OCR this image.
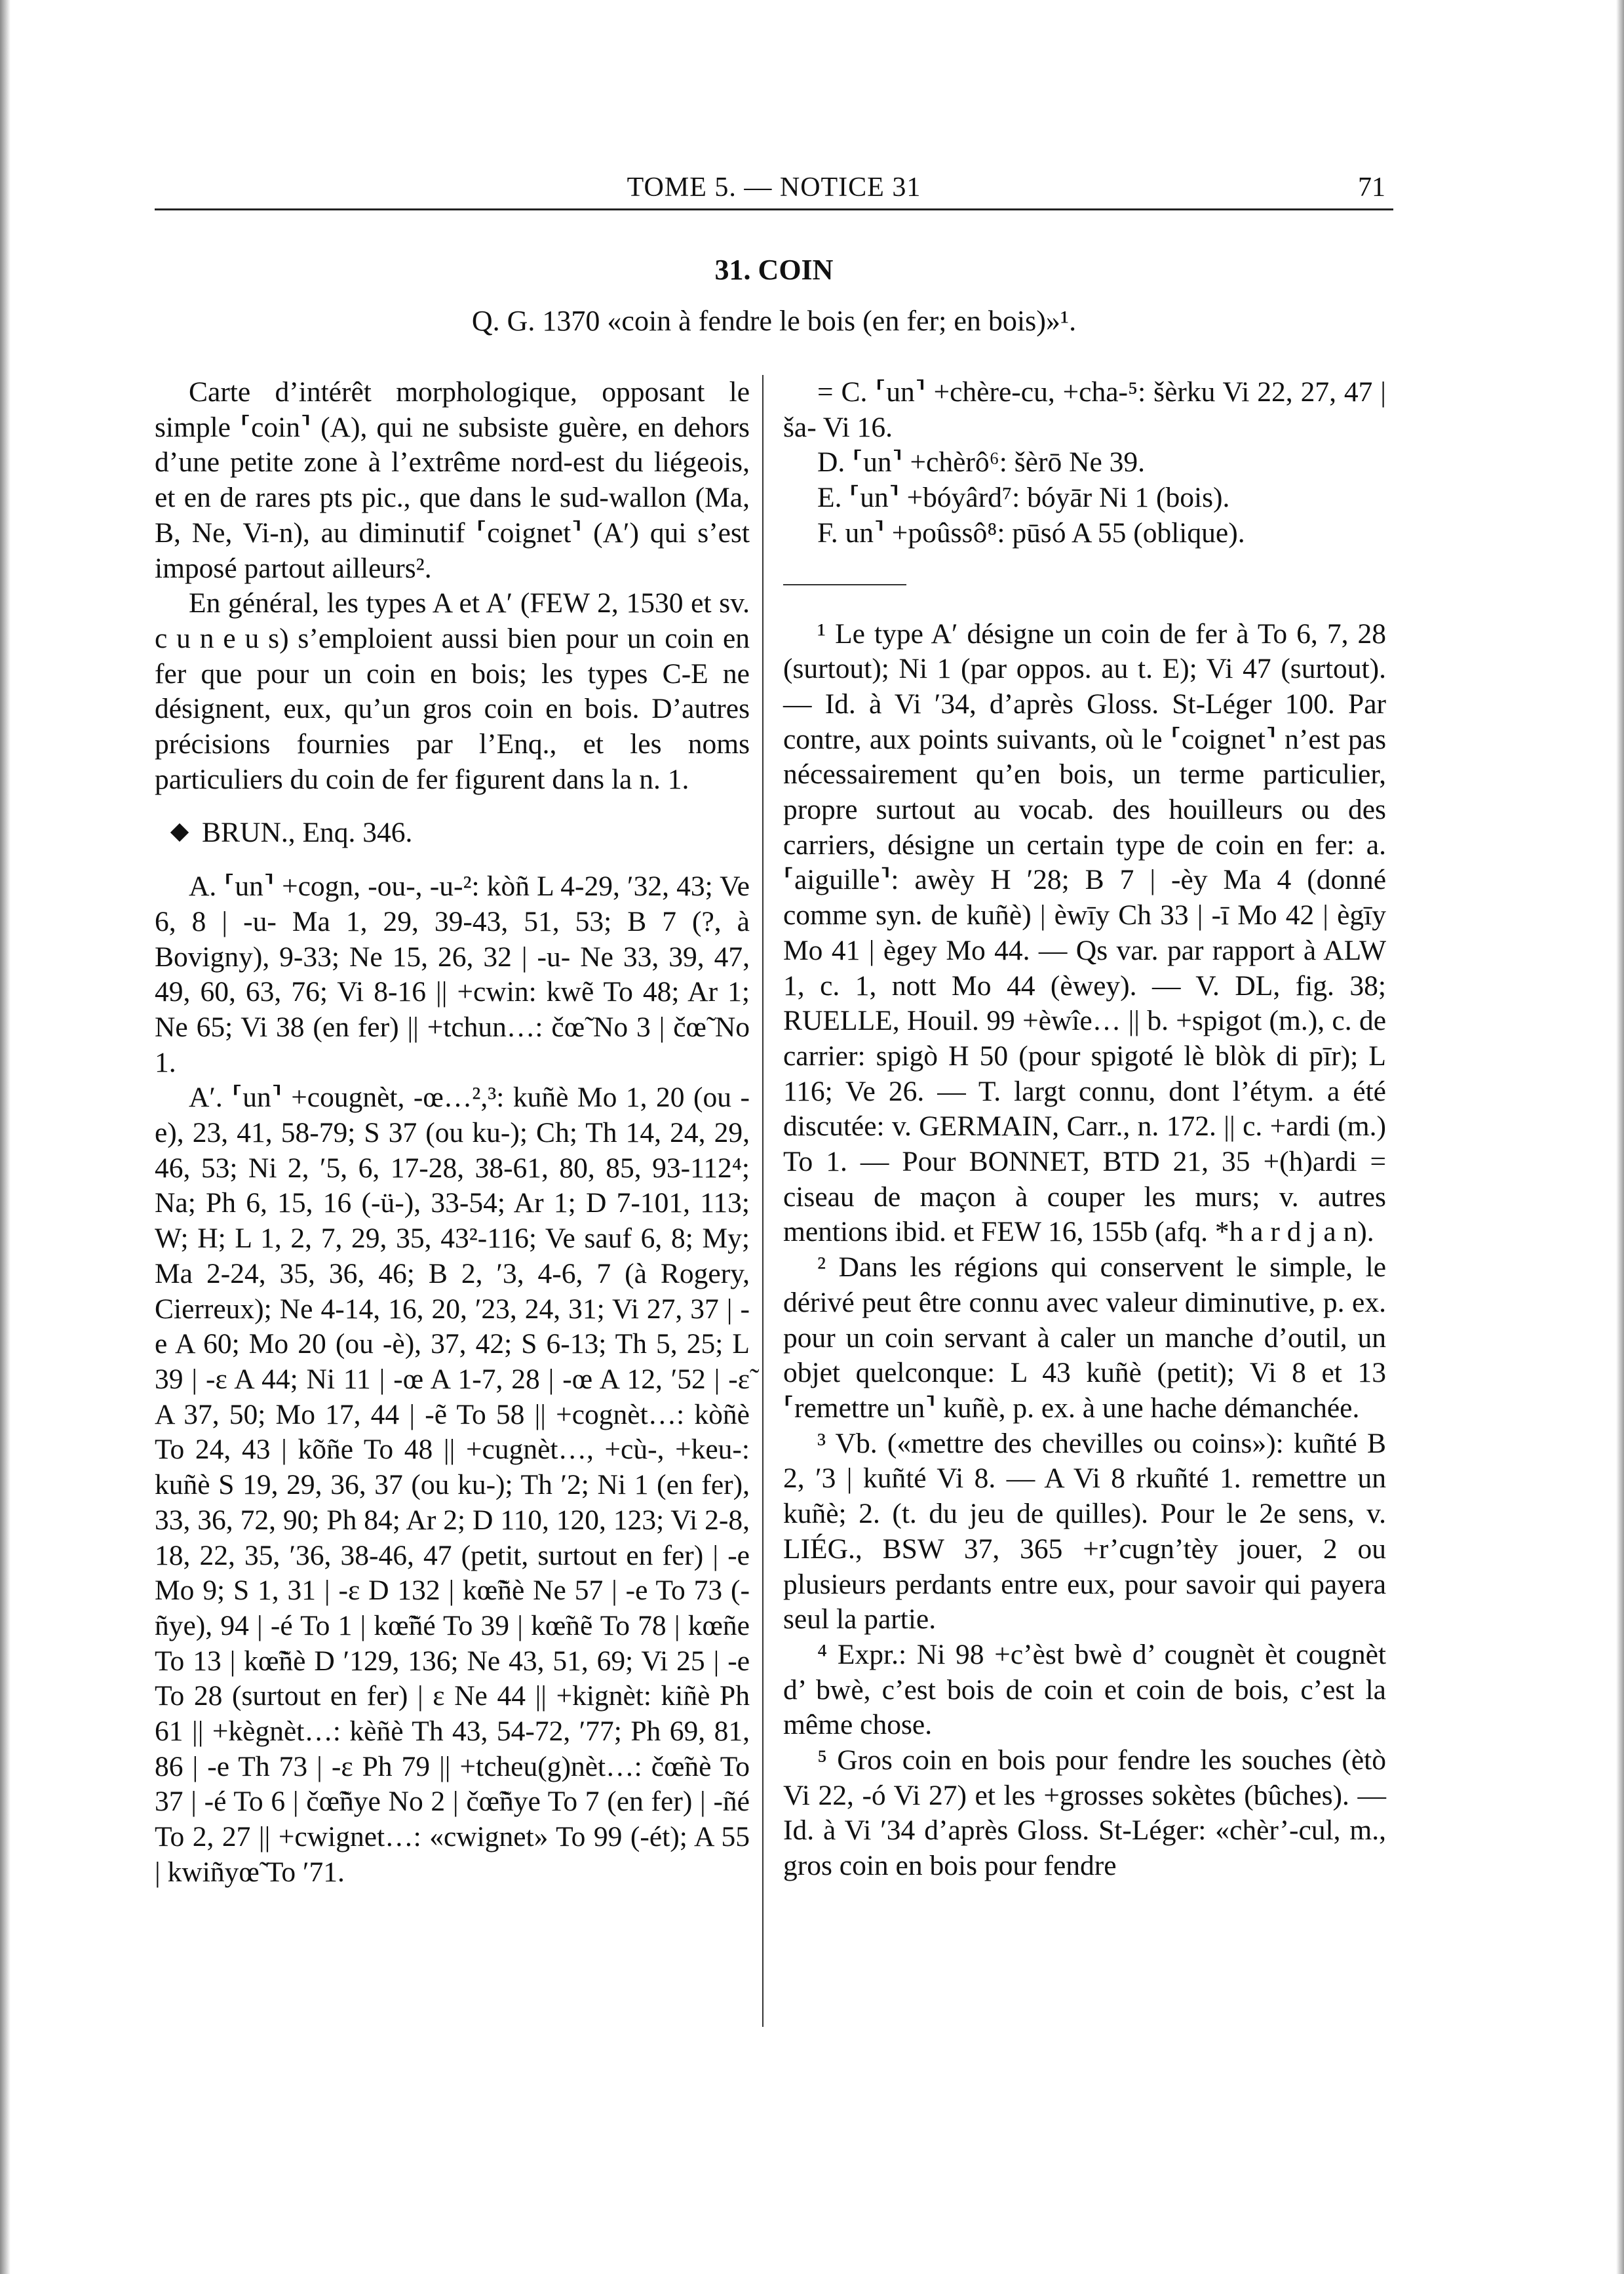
TOME 5. — NOTICE 31	71
31. COIN
Q. G. 1370 «coin à fendre le bois (en fer; en bois)»¹.

Carte d’intérêt morphologique, opposant le simple ⸢coin⸣ (A), qui ne subsiste guère, en dehors d’une petite zone à l’extrême nord-est du liégeois, et en de rares pts pic., que dans le sud-wallon (Ma, B, Ne, Vi-n), au diminutif ⸢coignet⸣ (A′) qui s’est imposé partout ailleurs².

En général, les types A et A′ (FEW 2, 1530 et sv. c u n e u s) s’emploient aussi bien pour un coin en fer que pour un coin en bois; les types C-E ne désignent, eux, qu’un gros coin en bois. D’autres précisions fournies par l’Enq., et les noms particuliers du coin de fer figurent dans la n. 1.

BRUN., Enq. 346.

A. ⸢un⸣ +cogn, -ou-, -u-²: kòñ L 4-29, ′32, 43; Ve 6, 8 | -u- Ma 1, 29, 39-43, 51, 53; B 7 (?, à Bovigny), 9-33; Ne 15, 26, 32 | -u- Ne 33, 39, 47, 49, 60, 63, 76; Vi 8-16 || +cwin: kwẽ To 48; Ar 1; Ne 65; Vi 38 (en fer) || +tchun…: čœ̃ No 3 | čœ̃ No 1.

A′. ⸢un⸣ +cougnèt, -œ…²,³: kuñè Mo 1, 20 (ou -e), 23, 41, 58-79; S 37 (ou ku-); Ch; Th 14, 24, 29, 46, 53; Ni 2, ′5, 6, 17-28, 38-61, 80, 85, 93-112⁴; Na; Ph 6, 15, 16 (-ü-), 33-54; Ar 1; D 7-101, 113; W; H; L 1, 2, 7, 29, 35, 43²-116; Ve sauf 6, 8; My; Ma 2-24, 35, 36, 46; B 2, ′3, 4-6, 7 (à Rogery, Cierreux); Ne 4-14, 16, 20, ′23, 24, 31; Vi 27, 37 | -e A 60; Mo 20 (ou -è), 37, 42; S 6-13; Th 5, 25; L 39 | -ɛ A 44; Ni 11 | -œ A 1-7, 28 | -œ A 12, ′52 | -ɛ̃ A 37, 50; Mo 17, 44 | -ẽ To 58 || +cognèt…: kòñè To 24, 43 | kõñe To 48 || +cugnèt…, +cù-, +keu-: kuñè S 19, 29, 36, 37 (ou ku-); Th ′2; Ni 1 (en fer), 33, 36, 72, 90; Ph 84; Ar 2; D 110, 120, 123; Vi 2-8, 18, 22, 35, ′36, 38-46, 47 (petit, surtout en fer) | -e Mo 9; S 1, 31 | -ɛ D 132 | kœ̃ñè Ne 57 | -e To 73 (-ñye), 94 | -é To 1 | kœ̃ñé To 39 | kœ̃nẽ To 78 | kœñe To 13 | kœ̃ñè D ′129, 136; Ne 43, 51, 69; Vi 25 | -e To 28 (surtout en fer) | ɛ Ne 44 || +kignèt: kiñè Ph 61 || +kègnèt…: kèñè Th 43, 54-72, ′77; Ph 69, 81, 86 | -e Th 73 | -ɛ Ph 79 || +tcheu(g)nèt…: čœ̃nè To 37 | -é To 6 | čœ̃ñye No 2 | čœ̃ñye To 7 (en fer) | -ñé To 2, 27 || +cwignet…: «cwignet» To 99 (-ét); A 55 | kwiñyœ̃ To ′71.

= C. ⸢un⸣ +chère-cu, +cha-⁵: šèrku Vi 22, 27, 47 | ša- Vi 16.

D. ⸢un⸣ +chèrô⁶: šèrō Ne 39.

E. ⸢un⸣ +bóyârd⁷: bóyār Ni 1 (bois).

F. un⸣ +poûssô⁸: pūsó A 55 (oblique).

¹ Le type A′ désigne un coin de fer à To 6, 7, 28 (surtout); Ni 1 (par oppos. au t. E); Vi 47 (surtout). — Id. à Vi ′34, d’après Gloss. St-Léger 100. Par contre, aux points suivants, où le ⸢coignet⸣ n’est pas nécessairement qu’en bois, un terme particulier, propre surtout au vocab. des houilleurs ou des carriers, désigne un certain type de coin en fer: a. ⸢aiguille⸣: awèy H ′28; B 7 | -èy Ma 4 (donné comme syn. de kuñè) | èwīy Ch 33 | -ī Mo 42 | ègīy Mo 41 | ègey Mo 44. — Qs var. par rapport à ALW 1, c. 1, nott Mo 44 (èwey). — V. DL, fig. 38; RUELLE, Houil. 99 +èwîe… || b. +spigot (m.), c. de carrier: spigò H 50 (pour spigoté lè blòk di pīr); L 116; Ve 26. — T. largt connu, dont l’étym. a été discutée: v. GERMAIN, Carr., n. 172. || c. +ardi (m.) To 1. — Pour BONNET, BTD 21, 35 +(h)ardi = ciseau de maçon à couper les murs; v. autres mentions ibid. et FEW 16, 155b (afq. *h a r d j a n).

² Dans les régions qui conservent le simple, le dérivé peut être connu avec valeur diminutive, p. ex. pour un coin servant à caler un manche d’outil, un objet quelconque: L 43 kuñè (petit); Vi 8 et 13 ⸢remettre un⸣ kuñè, p. ex. à une hache démanchée.

³ Vb. («mettre des chevilles ou coins»): kuñté B 2, ′3 | kuñté Vi 8. — A Vi 8 rkuñté 1. remettre un kuñè; 2. (t. du jeu de quilles). Pour le 2e sens, v. LIÉG., BSW 37, 365 +r’cugn’tèy jouer, 2 ou plusieurs perdants entre eux, pour savoir qui payera seul la partie.

⁴ Expr.: Ni 98 +c’èst bwè d’ cougnèt èt cougnèt d’ bwè, c’est bois de coin et coin de bois, c’est la même chose.

⁵ Gros coin en bois pour fendre les souches (ètò Vi 22, -ó Vi 27) et les +grosses sokètes (bûches). — Id. à Vi ′34 d’après Gloss. St-Léger: «chèr’-cul, m., gros coin en bois pour fendre
